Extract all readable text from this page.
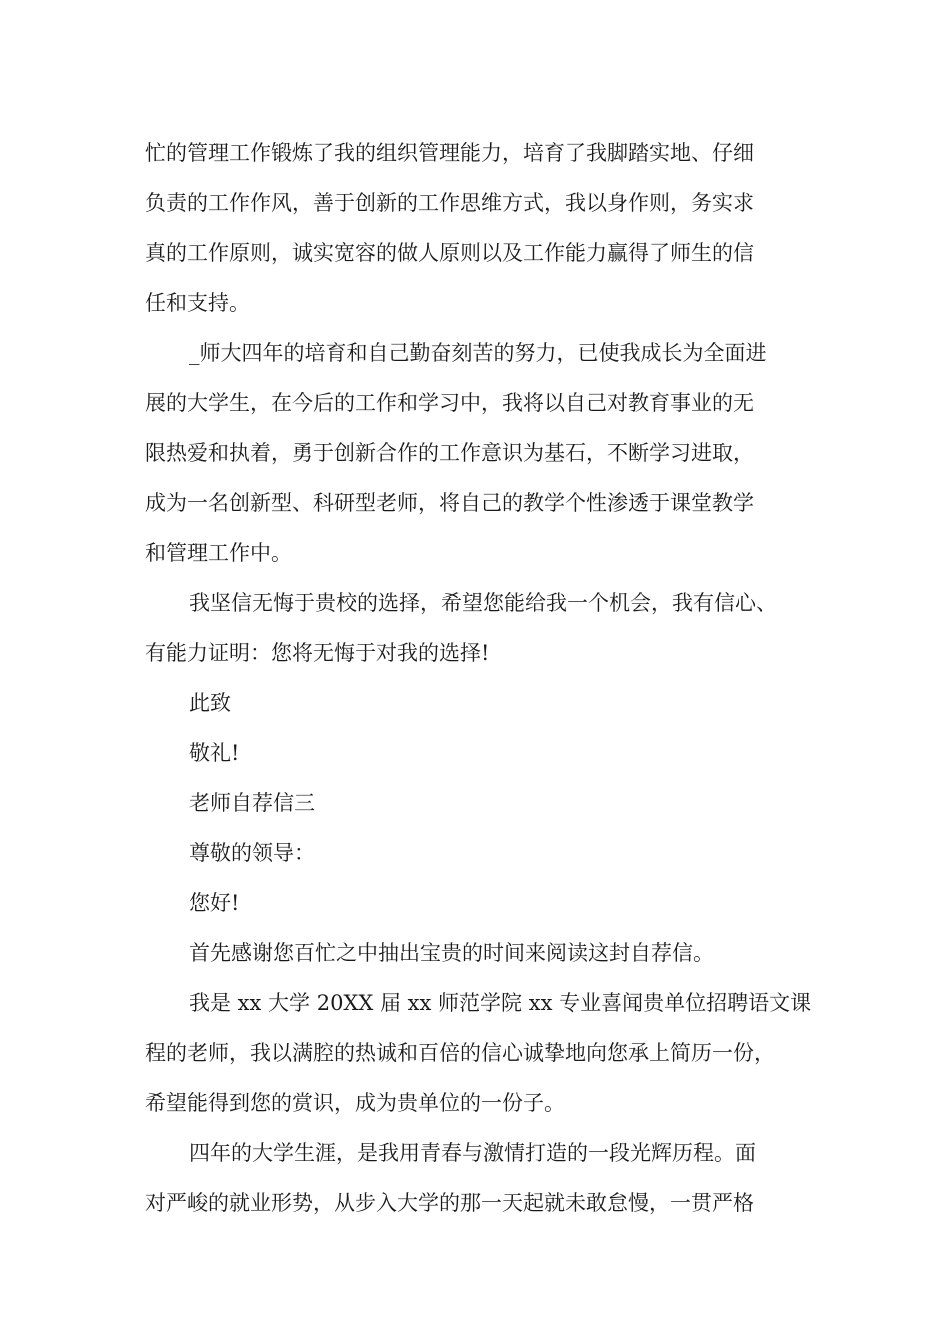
忙的管理工作锻炼了我的组织管理能力，培育了我脚踏实地、仔细
负责的工作作风，善于创新的工作思维方式，我以身作则，务实求
真的工作原则，诚实宽容的做人原则以及工作能力赢得了师生的信
任和支持。
_师大四年的培育和自己勤奋刻苦的努力，已使我成长为全面进
展的大学生，在今后的工作和学习中，我将以自己对教育事业的无
限热爱和执着，勇于创新合作的工作意识为基石，不断学习进取，
成为一名创新型、科研型老师，将自己的教学个性渗透于课堂教学
和管理工作中。
我坚信无悔于贵校的选择，希望您能给我一个机会，我有信心、
有能力证明：您将无悔于对我的选择!
此致
敬礼!
老师自荐信三
尊敬的领导：
您好!
首先感谢您百忙之中抽出宝贵的时间来阅读这封自荐信。
我是 xx 大学 20XX 届 xx 师范学院 xx 专业喜闻贵单位招聘语文课
程的老师，我以满腔的热诚和百倍的信心诚挚地向您承上简历一份，
希望能得到您的赏识，成为贵单位的一份子。
四年的大学生涯，是我用青春与激情打造的一段光辉历程。面
对严峻的就业形势，从步入大学的那一天起就未敢怠慢，一贯严格
